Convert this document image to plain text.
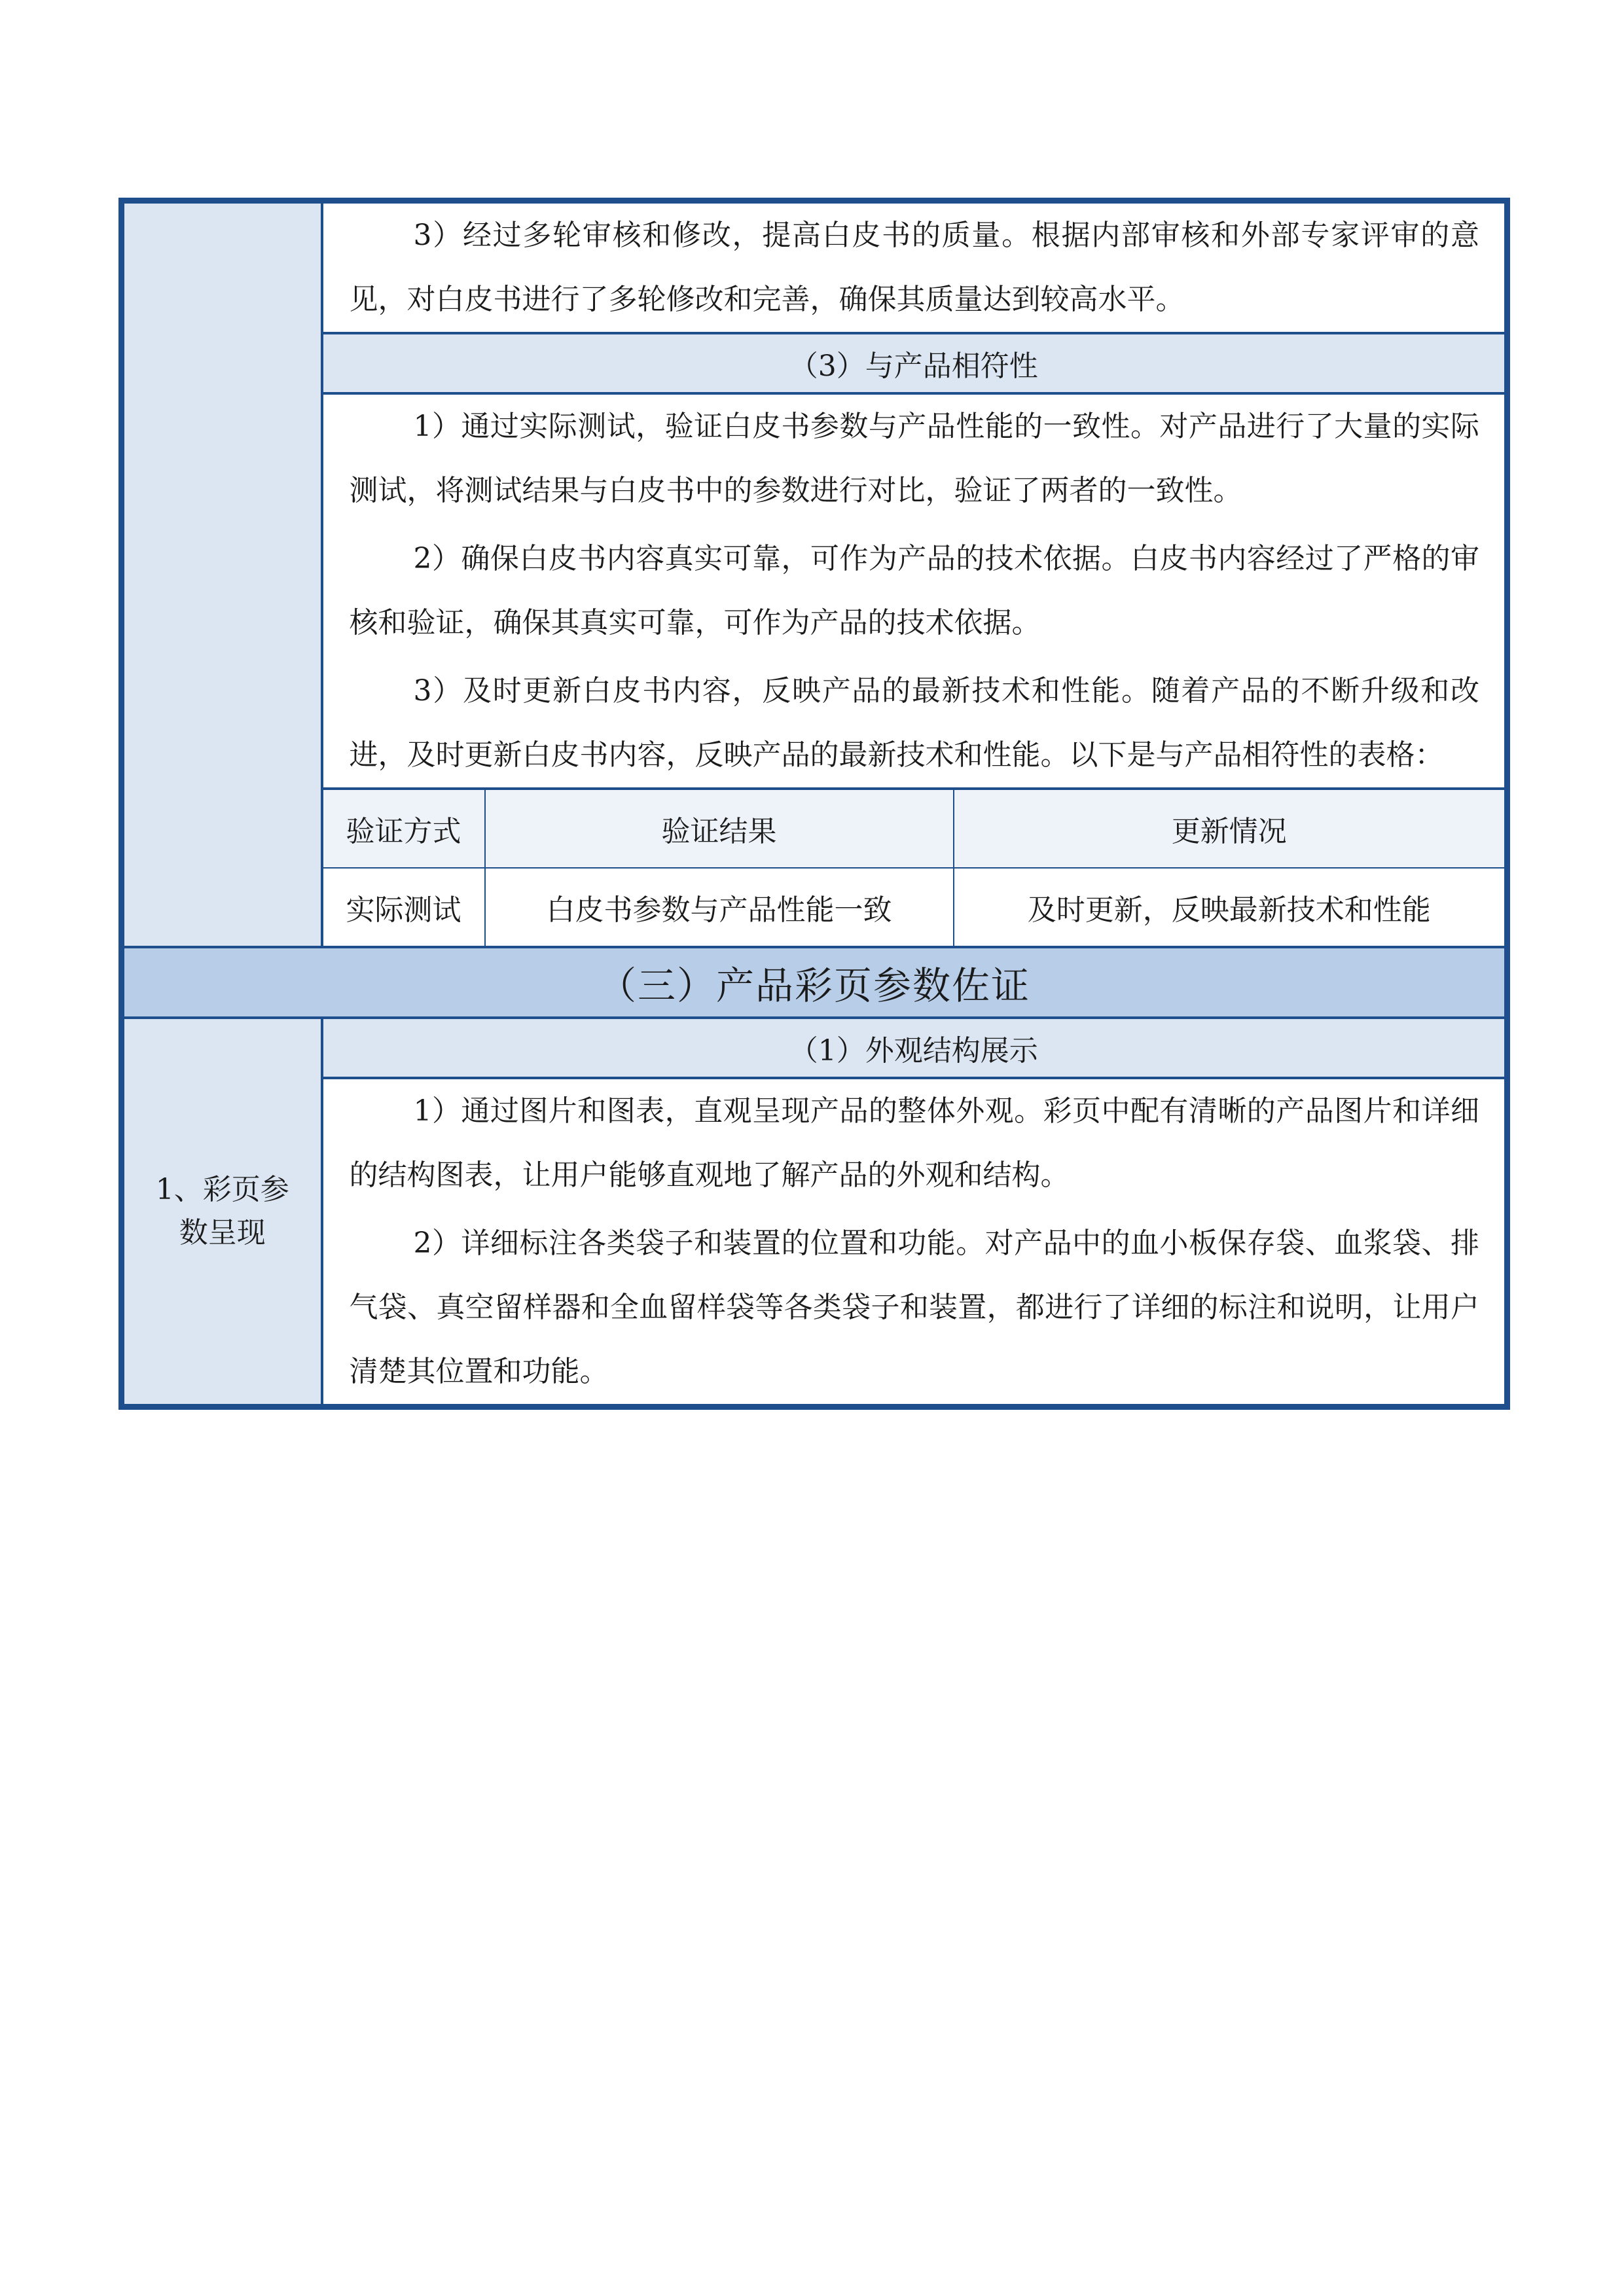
3）经过多轮审核和修改，提高白皮书的质量。根据内部审核和外部专家评审的意见，对白皮书进行了多轮修改和完善，确保其质量达到较高水平。

（3）与产品相符性

1）通过实际测试，验证白皮书参数与产品性能的一致性。对产品进行了大量的实际测试，将测试结果与白皮书中的参数进行对比，验证了两者的一致性。

2）确保白皮书内容真实可靠，可作为产品的技术依据。白皮书内容经过了严格的审核和验证，确保其真实可靠，可作为产品的技术依据。

3）及时更新白皮书内容，反映产品的最新技术和性能。随着产品的不断升级和改进，及时更新白皮书内容，反映产品的最新技术和性能。以下是与产品相符性的表格：

验证方式	验证结果	更新情况
实际测试	白皮书参数与产品性能一致	及时更新，反映最新技术和性能

（三）产品彩页参数佐证
1、彩页参数呈现	（1）外观结构展示

1）通过图片和图表，直观呈现产品的整体外观。彩页中配有清晰的产品图片和详细的结构图表，让用户能够直观地了解产品的外观和结构。

2）详细标注各类袋子和装置的位置和功能。对产品中的血小板保存袋、血浆袋、排气袋、真空留样器和全血留样袋等各类袋子和装置，都进行了详细的标注和说明，让用户清楚其位置和功能。
